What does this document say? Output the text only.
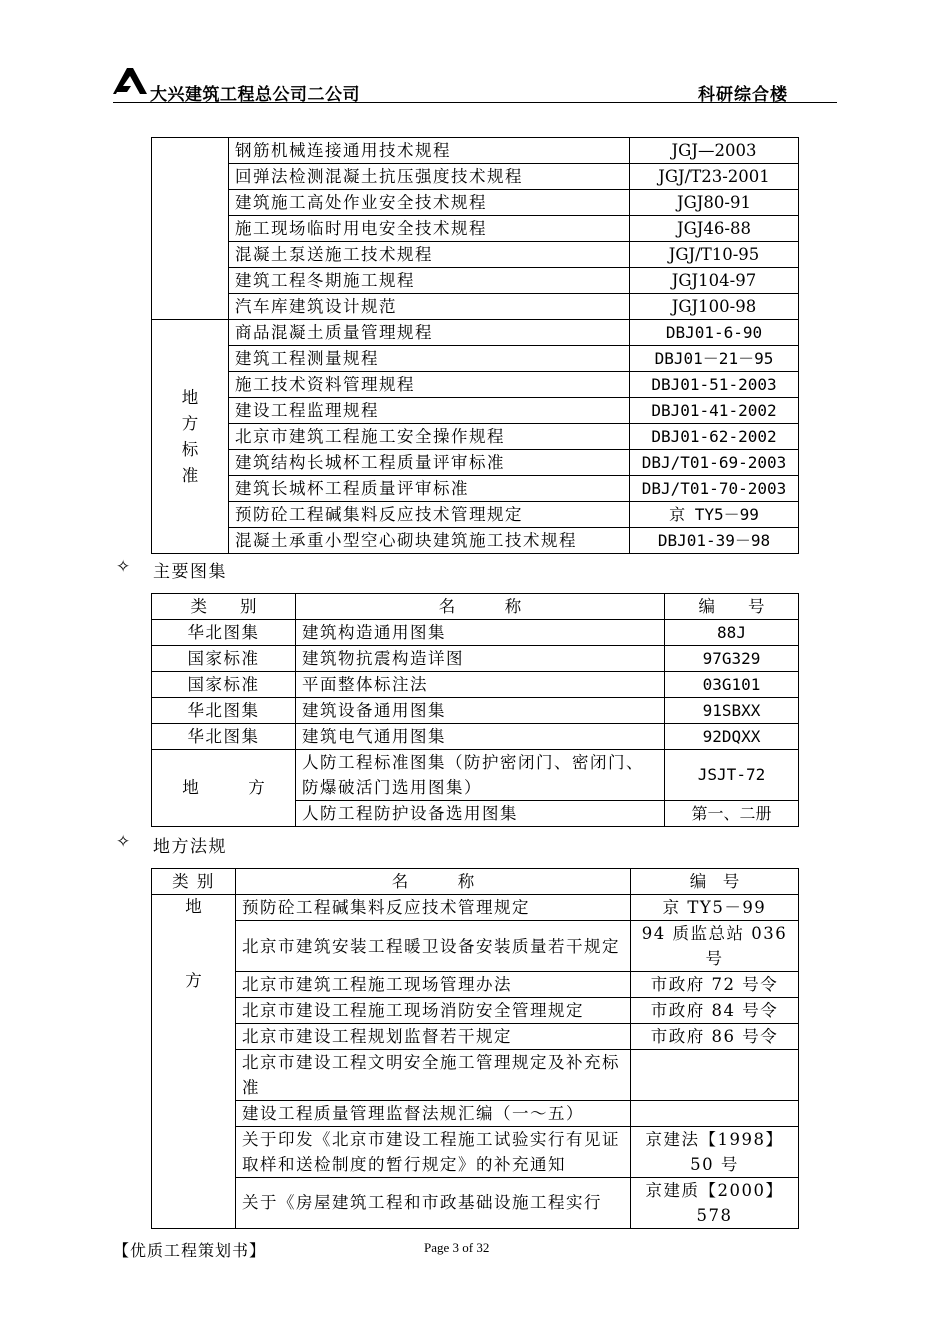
大兴建筑工程总公司二公司	科研综合楼
	钢筋机械连接通用技术规程	JGJ—2003
	回弹法检测混凝土抗压强度技术规程	JGJ/T23-2001
	建筑施工高处作业安全技术规程	JGJ80-91
	施工现场临时用电安全技术规程	JGJ46-88
	混凝土泵送施工技术规程	JGJ/T10-95
	建筑工程冬期施工规程	JGJ104-97
	汽车库建筑设计规范	JGJ100-98

地
方
标
准	商品混凝土质量管理规程	DBJ01-6-90
	建筑工程测量规程	DBJ01－21－95
	施工技术资料管理规程	DBJ01-51-2003
	建设工程监理规程	DBJ01-41-2002
	北京市建筑工程施工安全操作规程	DBJ01-62-2002
	建筑结构长城杯工程质量评审标准	DBJ/T01-69-2003
	建筑长城杯工程质量评审标准	DBJ/T01-70-2003
	预防砼工程碱集料反应技术管理规定	京 TY5－99
	混凝土承重小型空心砌块建筑施工技术规程	DBJ01-39－98
✧ 主要图集
类　　别	名　　　称	编　　号
华北图集	建筑构造通用图集	88J
国家标准	建筑物抗震构造详图	97G329
国家标准	平面整体标注法	03G101
华北图集	建筑设备通用图集	91SBXX
华北图集	建筑电气通用图集	92DQXX
地　　　方	人防工程标准图集（防护密闭门、密闭门、防爆破活门选用图集）	JSJT-72
	人防工程防护设备选用图集	第一、二册
✧ 地方法规
类 别	名　　　称	编　号

地
方	预防砼工程碱集料反应技术管理规定	京 TY5－99
	北京市建筑安装工程暖卫设备安装质量若干规定	94 质监总站 036 号
	北京市建筑工程施工现场管理办法	市政府 72 号令
	北京市建设工程施工现场消防安全管理规定	市政府 84 号令
	北京市建设工程规划监督若干规定	市政府 86 号令
	北京市建设工程文明安全施工管理规定及补充标准	
	建设工程质量管理监督法规汇编（一～五）	
	关于印发《北京市建设工程施工试验实行有见证取样和送检制度的暂行规定》的补充通知	京建法【1998】50 号
	关于《房屋建筑工程和市政基础设施工程实行	京建质【2000】578
【优质工程策划书】	Page 3 of 32
